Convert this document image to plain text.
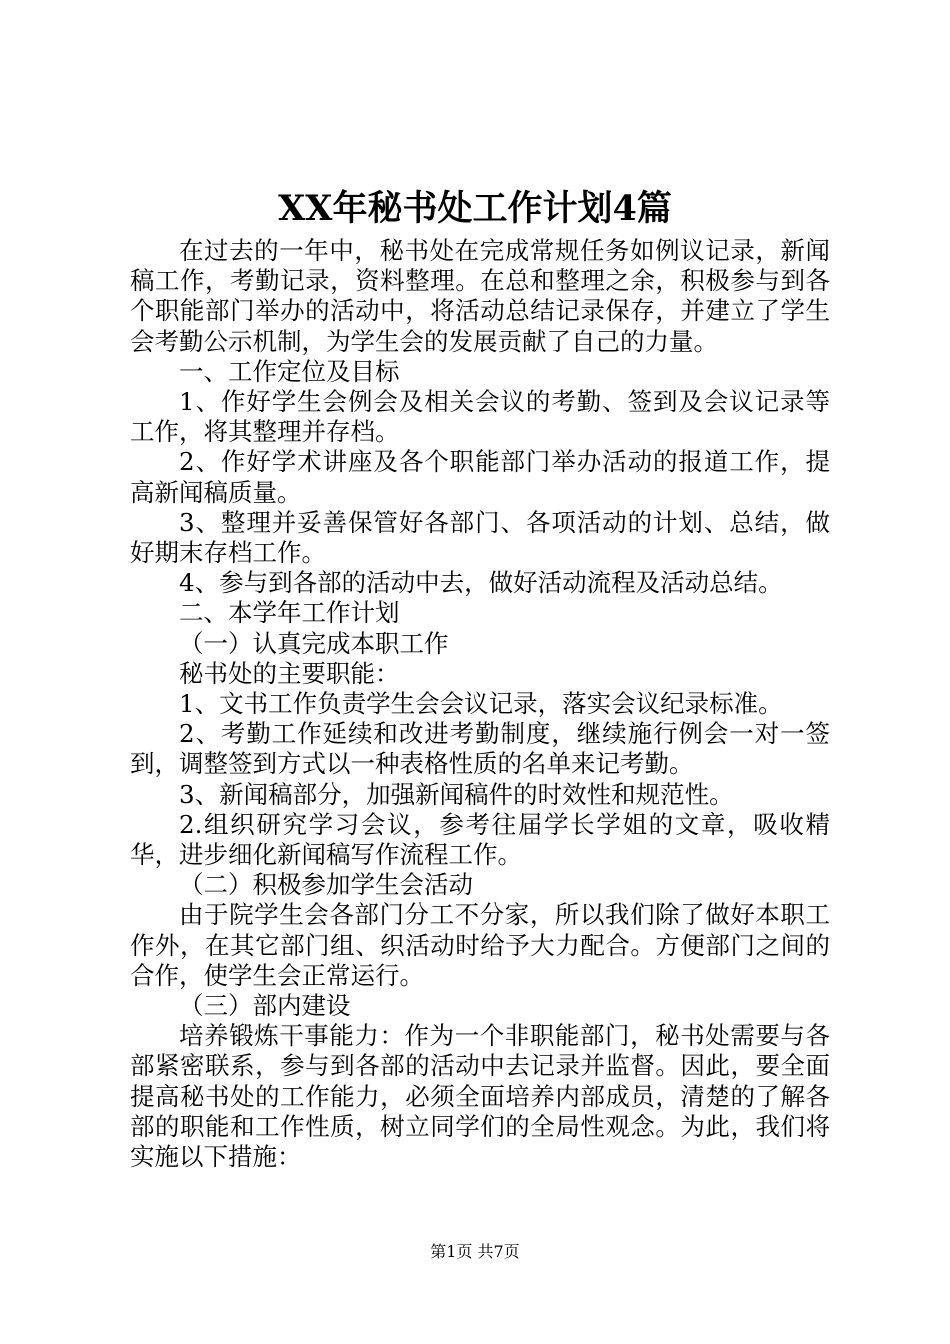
XX年秘书处工作计划4篇

在过去的一年中，秘书处在完成常规任务如例议记录，新闻稿工作，考勤记录，资料整理。在总和整理之余，积极参与到各个职能部门举办的活动中，将活动总结记录保存，并建立了学生会考勤公示机制，为学生会的发展贡献了自己的力量。

一、工作定位及目标

1、作好学生会例会及相关会议的考勤、签到及会议记录等工作，将其整理并存档。

2、作好学术讲座及各个职能部门举办活动的报道工作，提高新闻稿质量。

3、整理并妥善保管好各部门、各项活动的计划、总结，做好期末存档工作。

4、参与到各部的活动中去，做好活动流程及活动总结。

二、本学年工作计划

（一）认真完成本职工作

秘书处的主要职能：

1、文书工作负责学生会会议记录，落实会议纪录标准。

2、考勤工作延续和改进考勤制度，继续施行例会一对一签到，调整签到方式以一种表格性质的名单来记考勤。

3、新闻稿部分，加强新闻稿件的时效性和规范性。

2.组织研究学习会议，参考往届学长学姐的文章，吸收精华，进步细化新闻稿写作流程工作。

（二）积极参加学生会活动

由于院学生会各部门分工不分家，所以我们除了做好本职工作外，在其它部门组、织活动时给予大力配合。方便部门之间的合作，使学生会正常运行。

（三）部内建设

培养锻炼干事能力：作为一个非职能部门，秘书处需要与各部紧密联系，参与到各部的活动中去记录并监督。因此，要全面提高秘书处的工作能力，必须全面培养内部成员，清楚的了解各部的职能和工作性质，树立同学们的全局性观念。为此，我们将实施以下措施：

第1页 共7页
